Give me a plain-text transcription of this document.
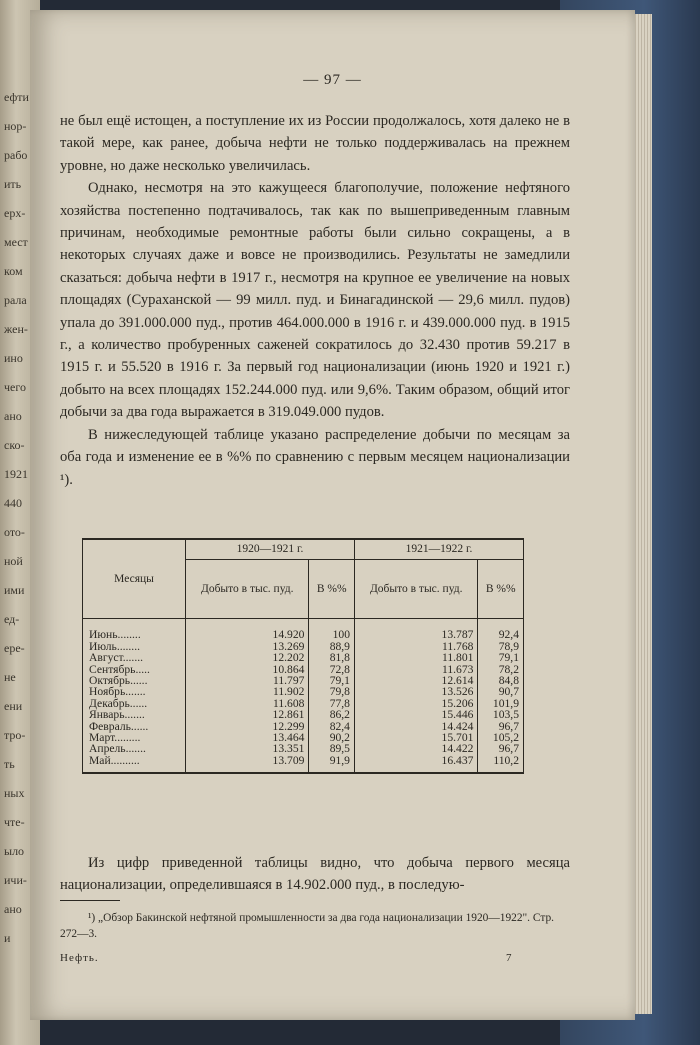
ефти
нор-
рабо
ить
ерх-
мест
ком
рала
жен-
ино
чего
ано
ско-
1921
440
ото-
ной
ими
ед-
ере-
не
ени
тро-
ть
ных
чте-
ыло
ичи-
ано
и
— 97 —

не был ещё истощен, а поступление их из России продолжалось, хотя далеко не в такой мере, как ранее, добыча нефти не только поддерживалась на прежнем уровне, но даже несколько увеличилась.

Однако, несмотря на это кажущееся благополучие, положение нефтяного хозяйства постепенно подтачивалось, так как по вышеприведенным главным причинам, необходимые ремонтные работы были сильно сокращены, а в некоторых случаях даже и вовсе не производились. Результаты не замедлили сказаться: добыча нефти в 1917 г., несмотря на крупное ее увеличение на новых площадях (Сураханской — 99 милл. пуд. и Бинагадинской — 29,6 милл. пудов) упала до 391.000.000 пуд., против 464.000.000 в 1916 г. и 439.000.000 пуд. в 1915 г., а количество пробуренных саженей сократилось до 32.430 против 59.217 в 1915 г. и 55.520 в 1916 г. За первый год национализации (июнь 1920 и 1921 г.) добыто на всех площадях 152.244.000 пуд. или 9,6%. Таким образом, общий итог добычи за два года выражается в 319.049.000 пудов.

В нижеследующей таблице указано распределение добычи по месяцам за оба года и изменение ее в %% по сравнению с первым месяцем национализации ¹).

Месяцы	1920—1921 г.		1921—1922 г.	
	Добыто в тыс. пуд.	В %%	Добыто в тыс. пуд.	В %%
Июнь........	14.920	100	13.787	92,4
Июль........	13.269	88,9	11.768	78,9
Август.......	12.202	81,8	11.801	79,1
Сентябрь.....	10.864	72,8	11.673	78,2
Октябрь......	11.797	79,1	12.614	84,8
Ноябрь.......	11.902	79,8	13.526	90,7
Декабрь......	11.608	77,8	15.206	101,9
Январь.......	12.861	86,2	15.446	103,5
Февраль......	12.299	82,4	14.424	96,7
Март.........	13.464	90,2	15.701	105,2
Апрель.......	13.351	89,5	14.422	96,7
Май..........	13.709	91,9	16.437	110,2

Из цифр приведенной таблицы видно, что добыча первого месяца национализации, определившаяся в 14.902.000 пуд., в последую-

¹) „Обзор Бакинской нефтяной промышленности за два года национализации 1920—1922". Стр. 272—3.
Нефть.	7
